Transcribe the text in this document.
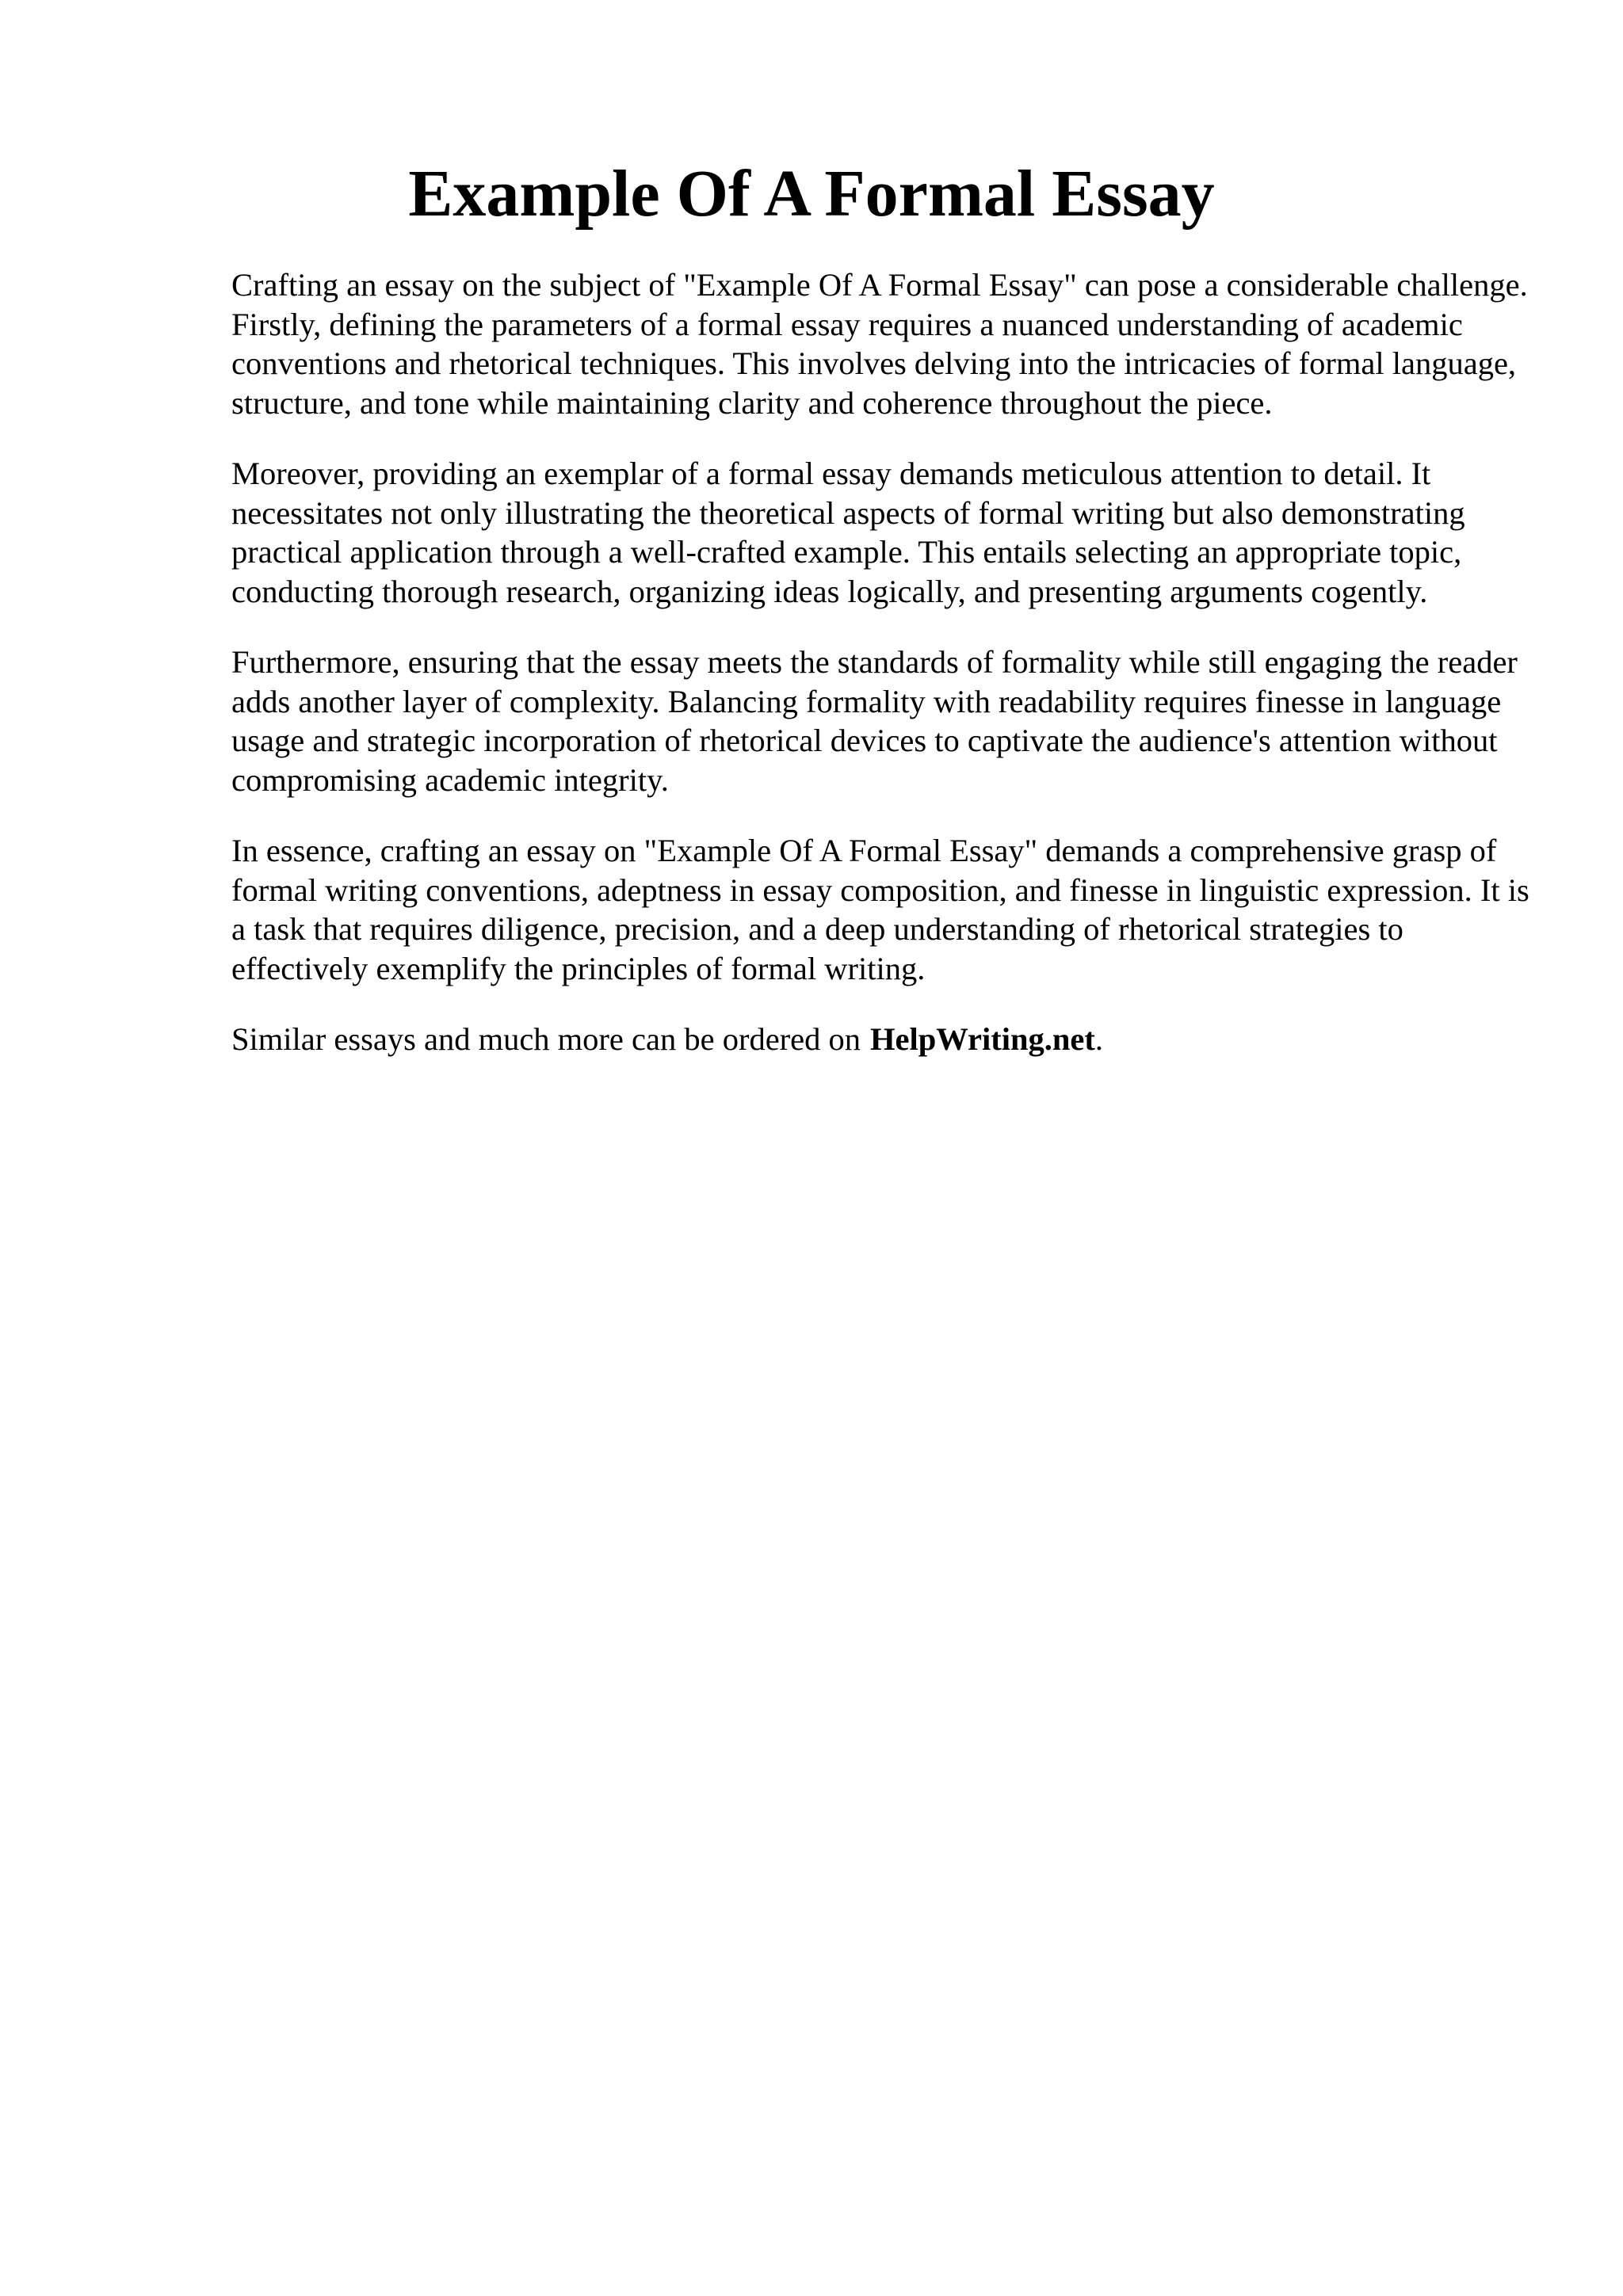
Example Of A Formal Essay

Crafting an essay on the subject of "Example Of A Formal Essay" can pose a considerable challenge. Firstly, defining the parameters of a formal essay requires a nuanced understanding of academic conventions and rhetorical techniques. This involves delving into the intricacies of formal language, structure, and tone while maintaining clarity and coherence throughout the piece.

Moreover, providing an exemplar of a formal essay demands meticulous attention to detail. It necessitates not only illustrating the theoretical aspects of formal writing but also demonstrating practical application through a well-crafted example. This entails selecting an appropriate topic, conducting thorough research, organizing ideas logically, and presenting arguments cogently.

Furthermore, ensuring that the essay meets the standards of formality while still engaging the reader adds another layer of complexity. Balancing formality with readability requires finesse in language usage and strategic incorporation of rhetorical devices to captivate the audience's attention without compromising academic integrity.

In essence, crafting an essay on "Example Of A Formal Essay" demands a comprehensive grasp of formal writing conventions, adeptness in essay composition, and finesse in linguistic expression. It is a task that requires diligence, precision, and a deep understanding of rhetorical strategies to effectively exemplify the principles of formal writing.

Similar essays and much more can be ordered on HelpWriting.net.
